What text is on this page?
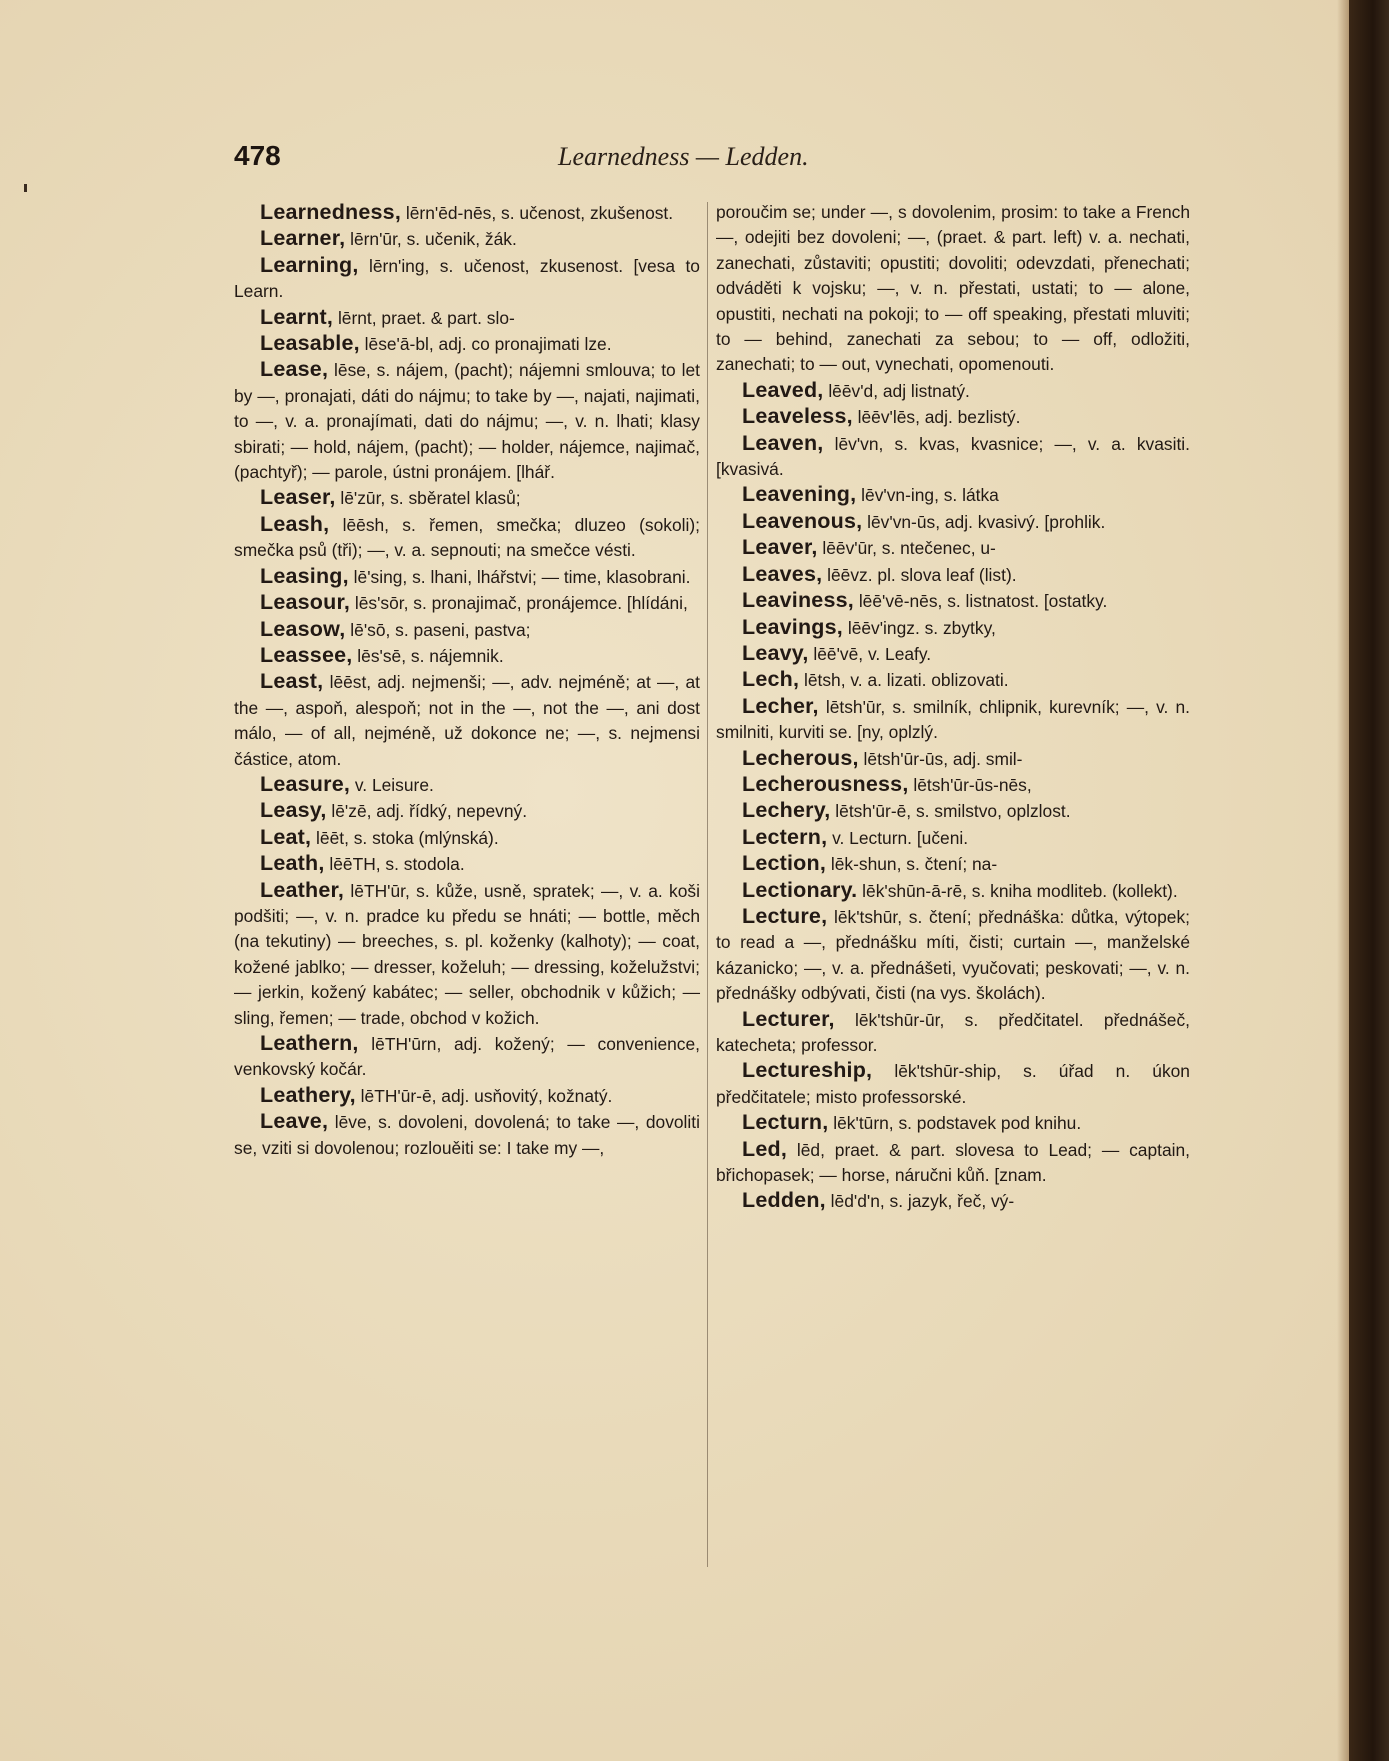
478	Learnedness — Ledden.

Learnedness, lērn'ēd-nēs, s. učenost, zkušenost.

Learner, lērn'ūr, s. učenik, žák.

Learning, lērn'ing, s. učenost, zkusenost. [vesa to Learn.

Learnt, lērnt, praet. & part. slo-

Leasable, lēse'ā-bl, adj. co pronajimati lze.

Lease, lēse, s. nájem, (pacht); nájemni smlouva; to let by —, pronajati, dáti do nájmu; to take by —, najati, najimati, to —, v. a. pronajímati, dati do nájmu; —, v. n. lhati; klasy sbirati; — hold, nájem, (pacht); — holder, nájemce, najimač, (pachtyř); — parole, ústni pronájem. [lhář.

Leaser, lē'zūr, s. sběratel klasů;

Leash, lēēsh, s. řemen, smečka; dluzeo (sokoli); smečka psů (tři); —, v. a. sepnouti; na smečce vésti.

Leasing, lē'sing, s. lhani, lhářstvi; — time, klasobrani.

Leasour, lēs'sōr, s. pronajimač, pronájemce. [hlídáni,

Leasow, lē'sō, s. paseni, pastva;

Leassee, lēs'sē, s. nájemnik.

Least, lēēst, adj. nejmenši; —, adv. nejméně; at —, at the —, aspoň, alespoň; not in the —, not the —, ani dost málo, — of all, nejméně, už dokonce ne; —, s. nejmensi částice, atom.

Leasure, v. Leisure.

Leasy, lē'zē, adj. řídký, nepevný.

Leat, lēēt, s. stoka (mlýnská).

Leath, lēēTH, s. stodola.

Leather, lēTH'ūr, s. kůže, usně, spratek; —, v. a. koši podšiti; —, v. n. pradce ku předu se hnáti; — bottle, měch (na tekutiny) — breeches, s. pl. koženky (kalhoty); — coat, kožené jablko; — dresser, koželuh; — dressing, koželužstvi; — jerkin, kožený kabátec; — seller, obchodnik v kůžich; — sling, řemen; — trade, obchod v kožich.

Leathern, lēTH'ūrn, adj. kožený; — convenience, venkovský kočár.

Leathery, lēTH'ūr-ē, adj. usňovitý, kožnatý.

Leave, lēve, s. dovoleni, dovolená; to take —, dovoliti se, vziti si dovolenou; rozlouěiti se: I take my —,

poroučim se; under —, s dovolenim, prosim: to take a French —, odejiti bez dovoleni; —, (praet. & part. left) v. a. nechati, zanechati, zůstaviti; opustiti; dovoliti; odevzdati, přenechati; odváděti k vojsku; —, v. n. přestati, ustati; to — alone, opustiti, nechati na pokoji; to — off speaking, přestati mluviti; to — behind, zanechati za sebou; to — off, odložiti, zanechati; to — out, vynechati, opomenouti.

Leaved, lēēv'd, adj listnatý.

Leaveless, lēēv'lēs, adj. bezlistý.

Leaven, lēv'vn, s. kvas, kvasnice; —, v. a. kvasiti. [kvasivá.

Leavening, lēv'vn-ing, s. látka

Leavenous, lēv'vn-ūs, adj. kvasivý. [prohlik.

Leaver, lēēv'ūr, s. ntečenec, u-

Leaves, lēēvz. pl. slova leaf (list).

Leaviness, lēē'vē-nēs, s. listnatost. [ostatky.

Leavings, lēēv'ingz. s. zbytky,

Leavy, lēē'vē, v. Leafy.

Lech, lētsh, v. a. lizati. oblizovati.

Lecher, lētsh'ūr, s. smilník, chlipnik, kurevník; —, v. n. smilniti, kurviti se. [ny, oplzlý.

Lecherous, lētsh'ūr-ūs, adj. smil-

Lecherousness, lētsh'ūr-ūs-nēs,

Lechery, lētsh'ūr-ē, s. smilstvo, oplzlost.

Lectern, v. Lecturn. [učeni.

Lection, lēk-shun, s. čtení; na-

Lectionary. lēk'shūn-ā-rē, s. kniha modliteb. (kollekt).

Lecture, lēk'tshūr, s. čtení; přednáška: důtka, výtopek; to read a —, přednášku míti, čisti; curtain —, manželské kázanicko; —, v. a. přednášeti, vyučovati; peskovati; —, v. n. přednášky odbývati, čisti (na vys. školách).

Lecturer, lēk'tshūr-ūr, s. předčitatel. přednášeč, katecheta; professor.

Lectureship, lēk'tshūr-ship, s. úřad n. úkon předčitatele; misto professorské.

Lecturn, lēk'tūrn, s. podstavek pod knihu.

Led, lēd, praet. & part. slovesa to Lead; — captain, břichopasek; — horse, náručni kůň. [znam.

Ledden, lēd'd'n, s. jazyk, řeč, vý-
